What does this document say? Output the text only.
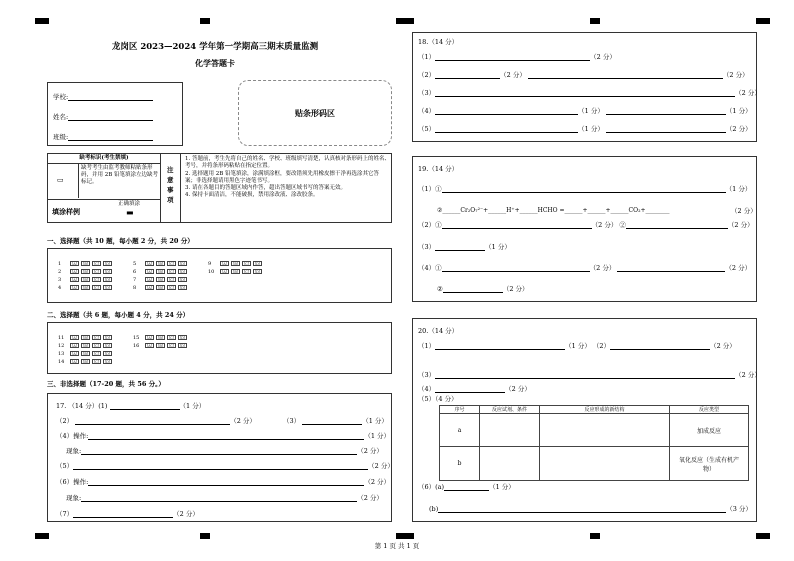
龙岗区 2023—2024 学年第一学期高三期末质量监测
化学答题卡
学校:
姓名:
班级:
贴条形码区
缺考标识(考生禁填)
▭
缺考考生由监考教师粘贴条形码，并用 2B 铅笔填涂左边缺考标记。
填涂样例
正确填涂
▬
注
意
事
项
1. 答题前，考生先将自己的姓名、学校、班级填写清楚，认真核对条形码上的姓名、考号，并将条形码粘贴在指定位置。
2. 选择题用 2B 铅笔填涂，涂满填涂框，要改错须先用橡皮擦干净再选涂其它答案；非选择题请用黑色字迹笔书写。
3. 请在各题目的答题区域内作答，超出答题区域书写的答案无效。
4. 保持卡面清洁，不能破损，禁用涂改液、涂改胶条。
一、选择题（共 10 题，每小题 2 分，共 20 分）
1	[A] [B] [C] [D]
2	[A] [B] [C] [D]
3	[A] [B] [C] [D]
4	[A] [B] [C] [D]
5	[A] [B] [C] [D]
6	[A] [B] [C] [D]
7	[A] [B] [C] [D]
8	[A] [B] [C] [D]
9	[A] [B] [C] [D]
10 [A] [B] [C] [D]
二、选择题（共 6 题，每小题 4 分，共 24 分）
11 [A] [B] [C] [D]
12 [A] [B] [C] [D]
13 [A] [B] [C] [D]
14 [A] [B] [C] [D]
15 [A] [B] [C] [D]
16 [A] [B] [C] [D]
三、非选择题（17-20 题，共 56 分。）
17. （14 分）(1)	（1 分）
（2）	（2 分）	（3）	（1 分）
（4）操作:	（1 分）
现象:	（2 分）
（5）	（2 分）
（6）操作:	（2 分）
现象:	（2 分）
（7）	（2 分）
18.（14 分）
（1）	（2 分）
（2）	（2 分）	（2 分）
（3）	（2 分）
（4）	（1 分）	（1 分）
（5）	（1 分）	（2 分）
19.（14 分）
（1）①	（1 分）
②______Cr₂O₇²⁻+______H⁺+______HCHO =______+______+______CO₂+________	（2 分）
（2）①	（2 分） ②	（2 分）
（3）	（1 分）
（4）①	（2 分）	（2 分）
②	（2 分）
20.（14 分）
（1）	（1 分） （2）	（2 分）
（3）	（2 分）
（4）	（2 分）
（5）（4 分）
序号	反应试剂、条件	反应形成的新结构	反应类型
a			加成反应
b			氧化反应（生成有机产物）
（6）(a)	（1 分）
(b)	（3 分）
第 1 页 共 1 页
